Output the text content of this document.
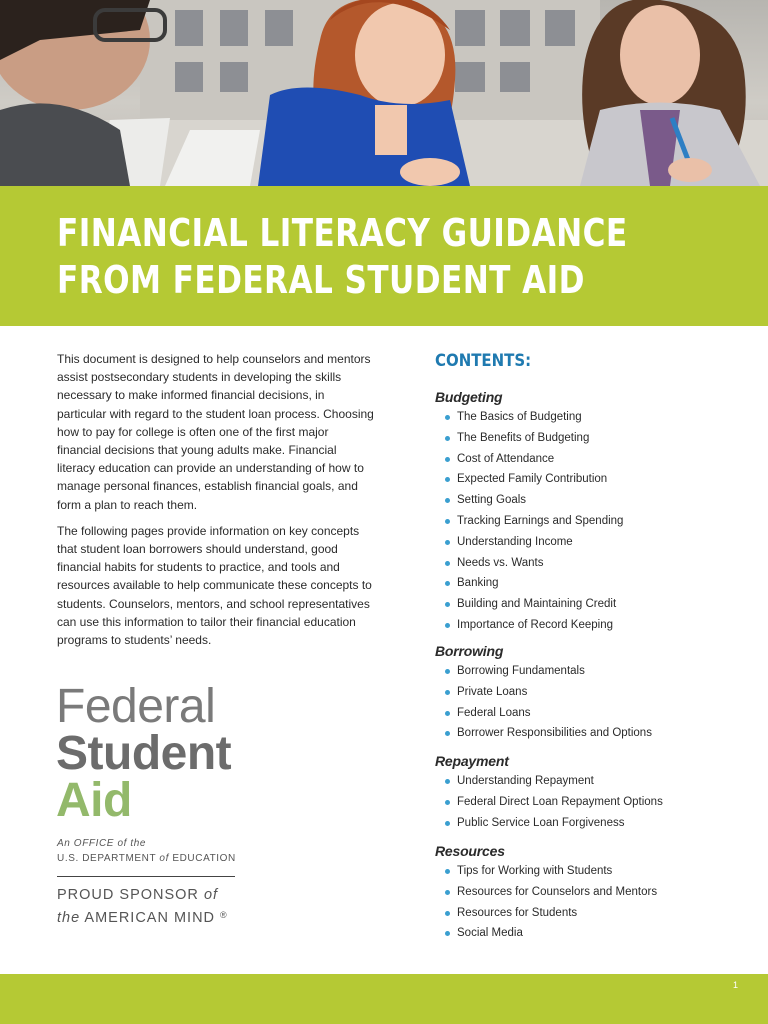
FINANCIAL LITERACY GUIDANCE
FROM FEDERAL STUDENT AID

This document is designed to help counselors and mentors assist postsecondary students in developing the skills necessary to make informed financial decisions, in particular with regard to the student loan process. Choosing how to pay for college is often one of the first major financial decisions that young adults make. Financial literacy education can provide an understanding of how to manage personal finances, establish financial goals, and form a plan to reach them.

The following pages provide information on key concepts that student loan borrowers should understand, good financial habits for students to practice, and tools and resources available to help communicate these concepts to students. Counselors, mentors, and school representatives can use this information to tailor their financial education programs to students’ needs.

Federal
Student
Aid
An OFFICE of the
U.S. DEPARTMENT of EDUCATION
PROUD SPONSOR of
the AMERICAN MIND ®
CONTENTS:
Budgeting
The Basics of Budgeting
The Benefits of Budgeting
Cost of Attendance
Expected Family Contribution
Setting Goals
Tracking Earnings and Spending
Understanding Income
Needs vs. Wants
Banking
Building and Maintaining Credit
Importance of Record Keeping
Borrowing
Borrowing Fundamentals
Private Loans
Federal Loans
Borrower Responsibilities and Options
Repayment
Understanding Repayment
Federal Direct Loan Repayment Options
Public Service Loan Forgiveness
Resources
Tips for Working with Students
Resources for Counselors and Mentors
Resources for Students
Social Media
1
